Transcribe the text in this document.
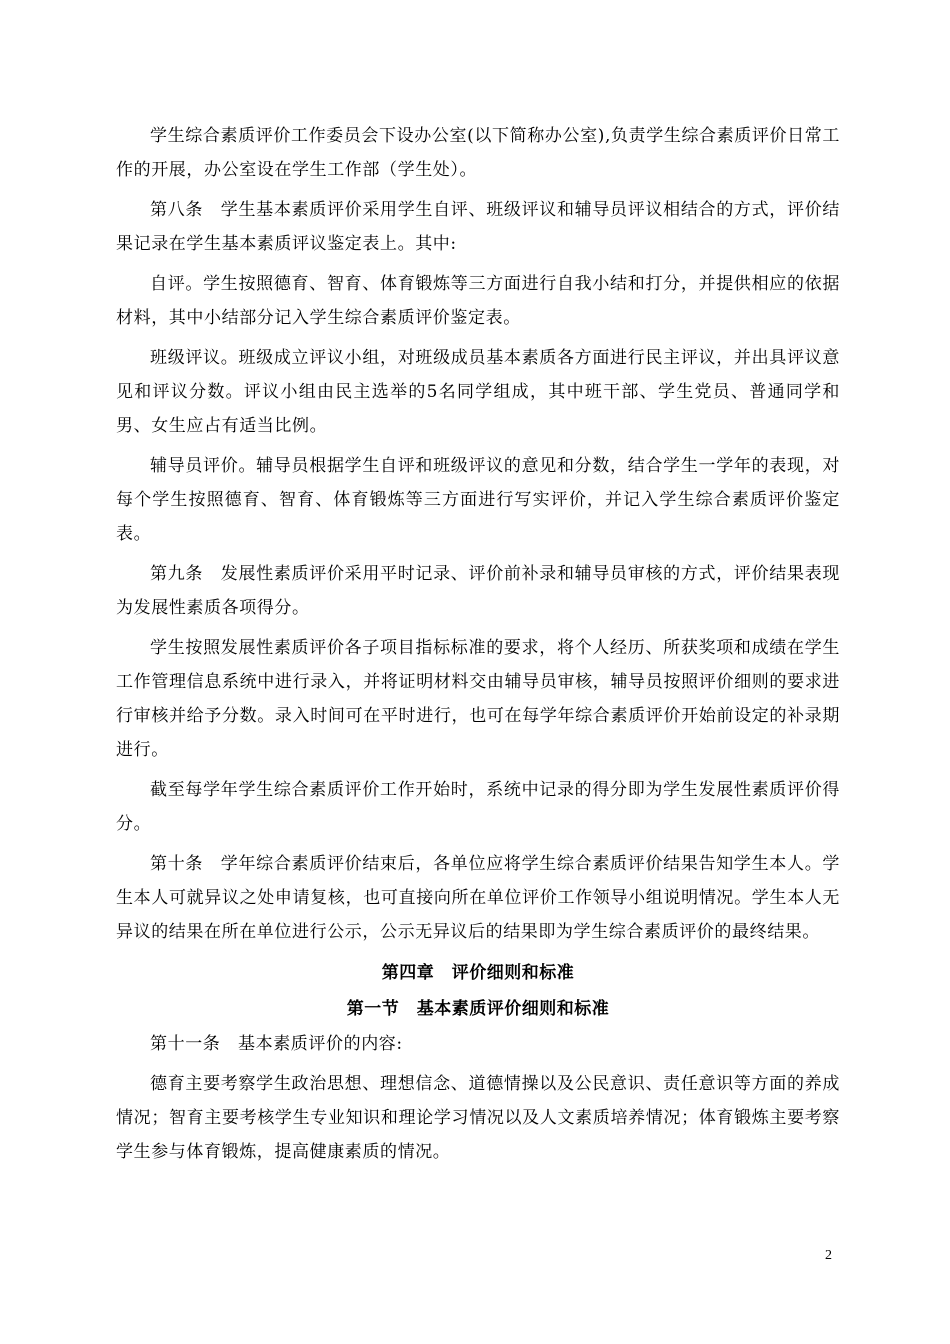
学生综合素质评价工作委员会下设办公室(以下简称办公室),负责学生综合素质评价日常工作的开展，办公室设在学生工作部（学生处）。

第八条　学生基本素质评价采用学生自评、班级评议和辅导员评议相结合的方式，评价结果记录在学生基本素质评议鉴定表上。其中:

自评。学生按照德育、智育、体育锻炼等三方面进行自我小结和打分，并提供相应的依据材料，其中小结部分记入学生综合素质评价鉴定表。

班级评议。班级成立评议小组，对班级成员基本素质各方面进行民主评议，并出具评议意见和评议分数。评议小组由民主选举的5名同学组成，其中班干部、学生党员、普通同学和男、女生应占有适当比例。

辅导员评价。辅导员根据学生自评和班级评议的意见和分数，结合学生一学年的表现，对每个学生按照德育、智育、体育锻炼等三方面进行写实评价，并记入学生综合素质评价鉴定表。

第九条　发展性素质评价采用平时记录、评价前补录和辅导员审核的方式，评价结果表现为发展性素质各项得分。

学生按照发展性素质评价各子项目指标标准的要求，将个人经历、所获奖项和成绩在学生工作管理信息系统中进行录入，并将证明材料交由辅导员审核，辅导员按照评价细则的要求进行审核并给予分数。录入时间可在平时进行，也可在每学年综合素质评价开始前设定的补录期进行。

截至每学年学生综合素质评价工作开始时，系统中记录的得分即为学生发展性素质评价得分。

第十条　学年综合素质评价结束后，各单位应将学生综合素质评价结果告知学生本人。学生本人可就异议之处申请复核，也可直接向所在单位评价工作领导小组说明情况。学生本人无异议的结果在所在单位进行公示，公示无异议后的结果即为学生综合素质评价的最终结果。

第四章　评价细则和标准
第一节　基本素质评价细则和标准

第十一条　基本素质评价的内容:

德育主要考察学生政治思想、理想信念、道德情操以及公民意识、责任意识等方面的养成情况；智育主要考核学生专业知识和理论学习情况以及人文素质培养情况；体育锻炼主要考察学生参与体育锻炼，提高健康素质的情况。

2
